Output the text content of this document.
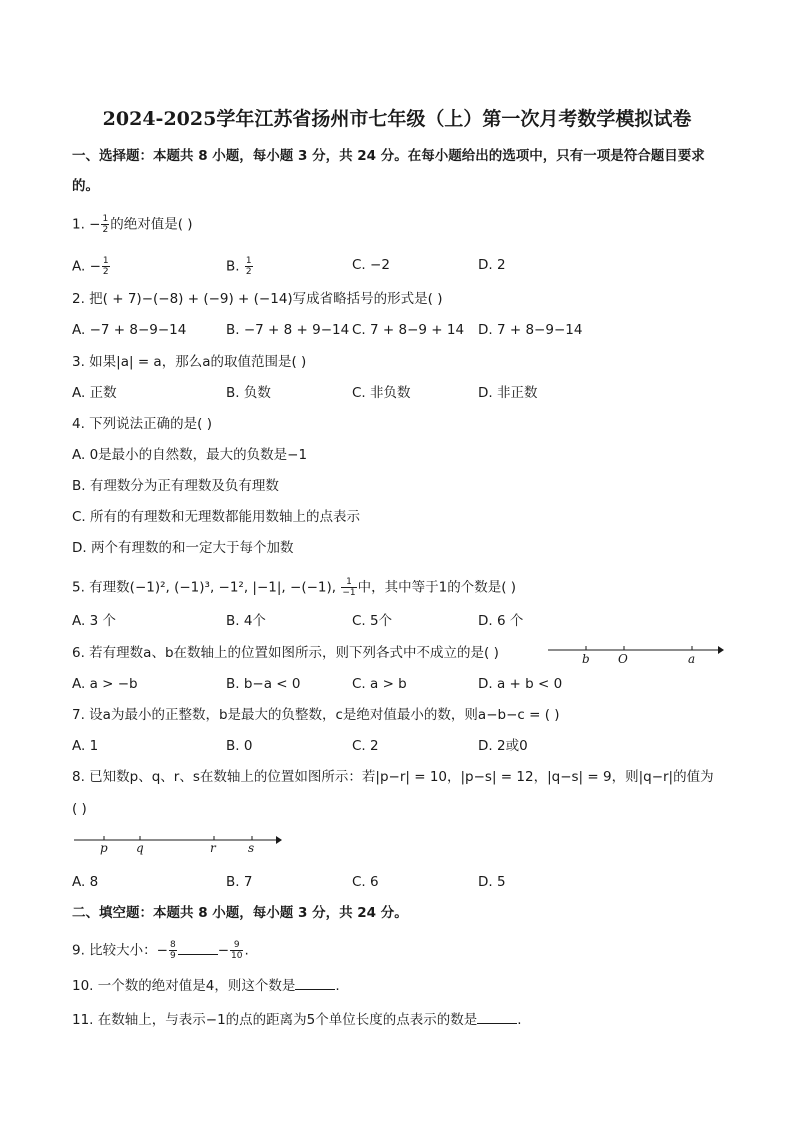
2024-2025学年江苏省扬州市七年级（上）第一次月考数学模拟试卷
一、选择题：本题共 8 小题，每小题 3 分，共 24 分。在每小题给出的选项中，只有一项是符合题目要求
的。
1. − $\frac{1}{2}$ 的绝对值是( )
A. − $\frac{1}{2}$	B. $\frac{1}{2}$	C. −2	D. 2
2. 把( + 7)−(−8) + (−9) + (−14)写成省略括号的形式是( )
A. −7 + 8−9−14	B. −7 + 8 + 9−14 C. 7 + 8−9 + 14 D. 7 + 8−9−14
3. 如果|a| = a，那么a的取值范围是( )
A. 正数	B. 负数	C. 非负数	D. 非正数
4. 下列说法正确的是( )
A. 0是最小的自然数，最大的负数是−1
B. 有理数分为正有理数及负有理数
C. 所有的有理数和无理数都能用数轴上的点表示
D. 两个有理数的和一定大于每个加数
5. 有理数(−1)², (−1)³, −1², |−1|, −(−1), $\frac{1}{-1}$ 中，其中等于1的个数是( )
A. 3 个	B. 4个	C. 5个	D. 6 个
6. 若有理数a、b在数轴上的位置如图所示，则下列各式中不成立的是( )	b O	a
A. a > −b	B. b−a < 0	C. a > b	D. a + b < 0
7. 设a为最小的正整数，b是最大的负整数，c是绝对值最小的数，则a−b−c = ( )
A. 1	B. 0	C. 2	D. 2或0
8. 已知数p、q、r、s在数轴上的位置如图所示：若|p−r| = 10，|p−s| = 12，|q−s| = 9，则|q−r|的值为
( )
p q	r	s
A. 8	B. 7	C. 6	D. 5
二、填空题：本题共 8 小题，每小题 3 分，共 24 分。
9. 比较大小：− $\frac{8}{9}$	− $\frac{9}{10}$ .
10. 一个数的绝对值是4，则这个数是	.
11. 在数轴上，与表示−1的点的距离为5个单位长度的点表示的数是	.
